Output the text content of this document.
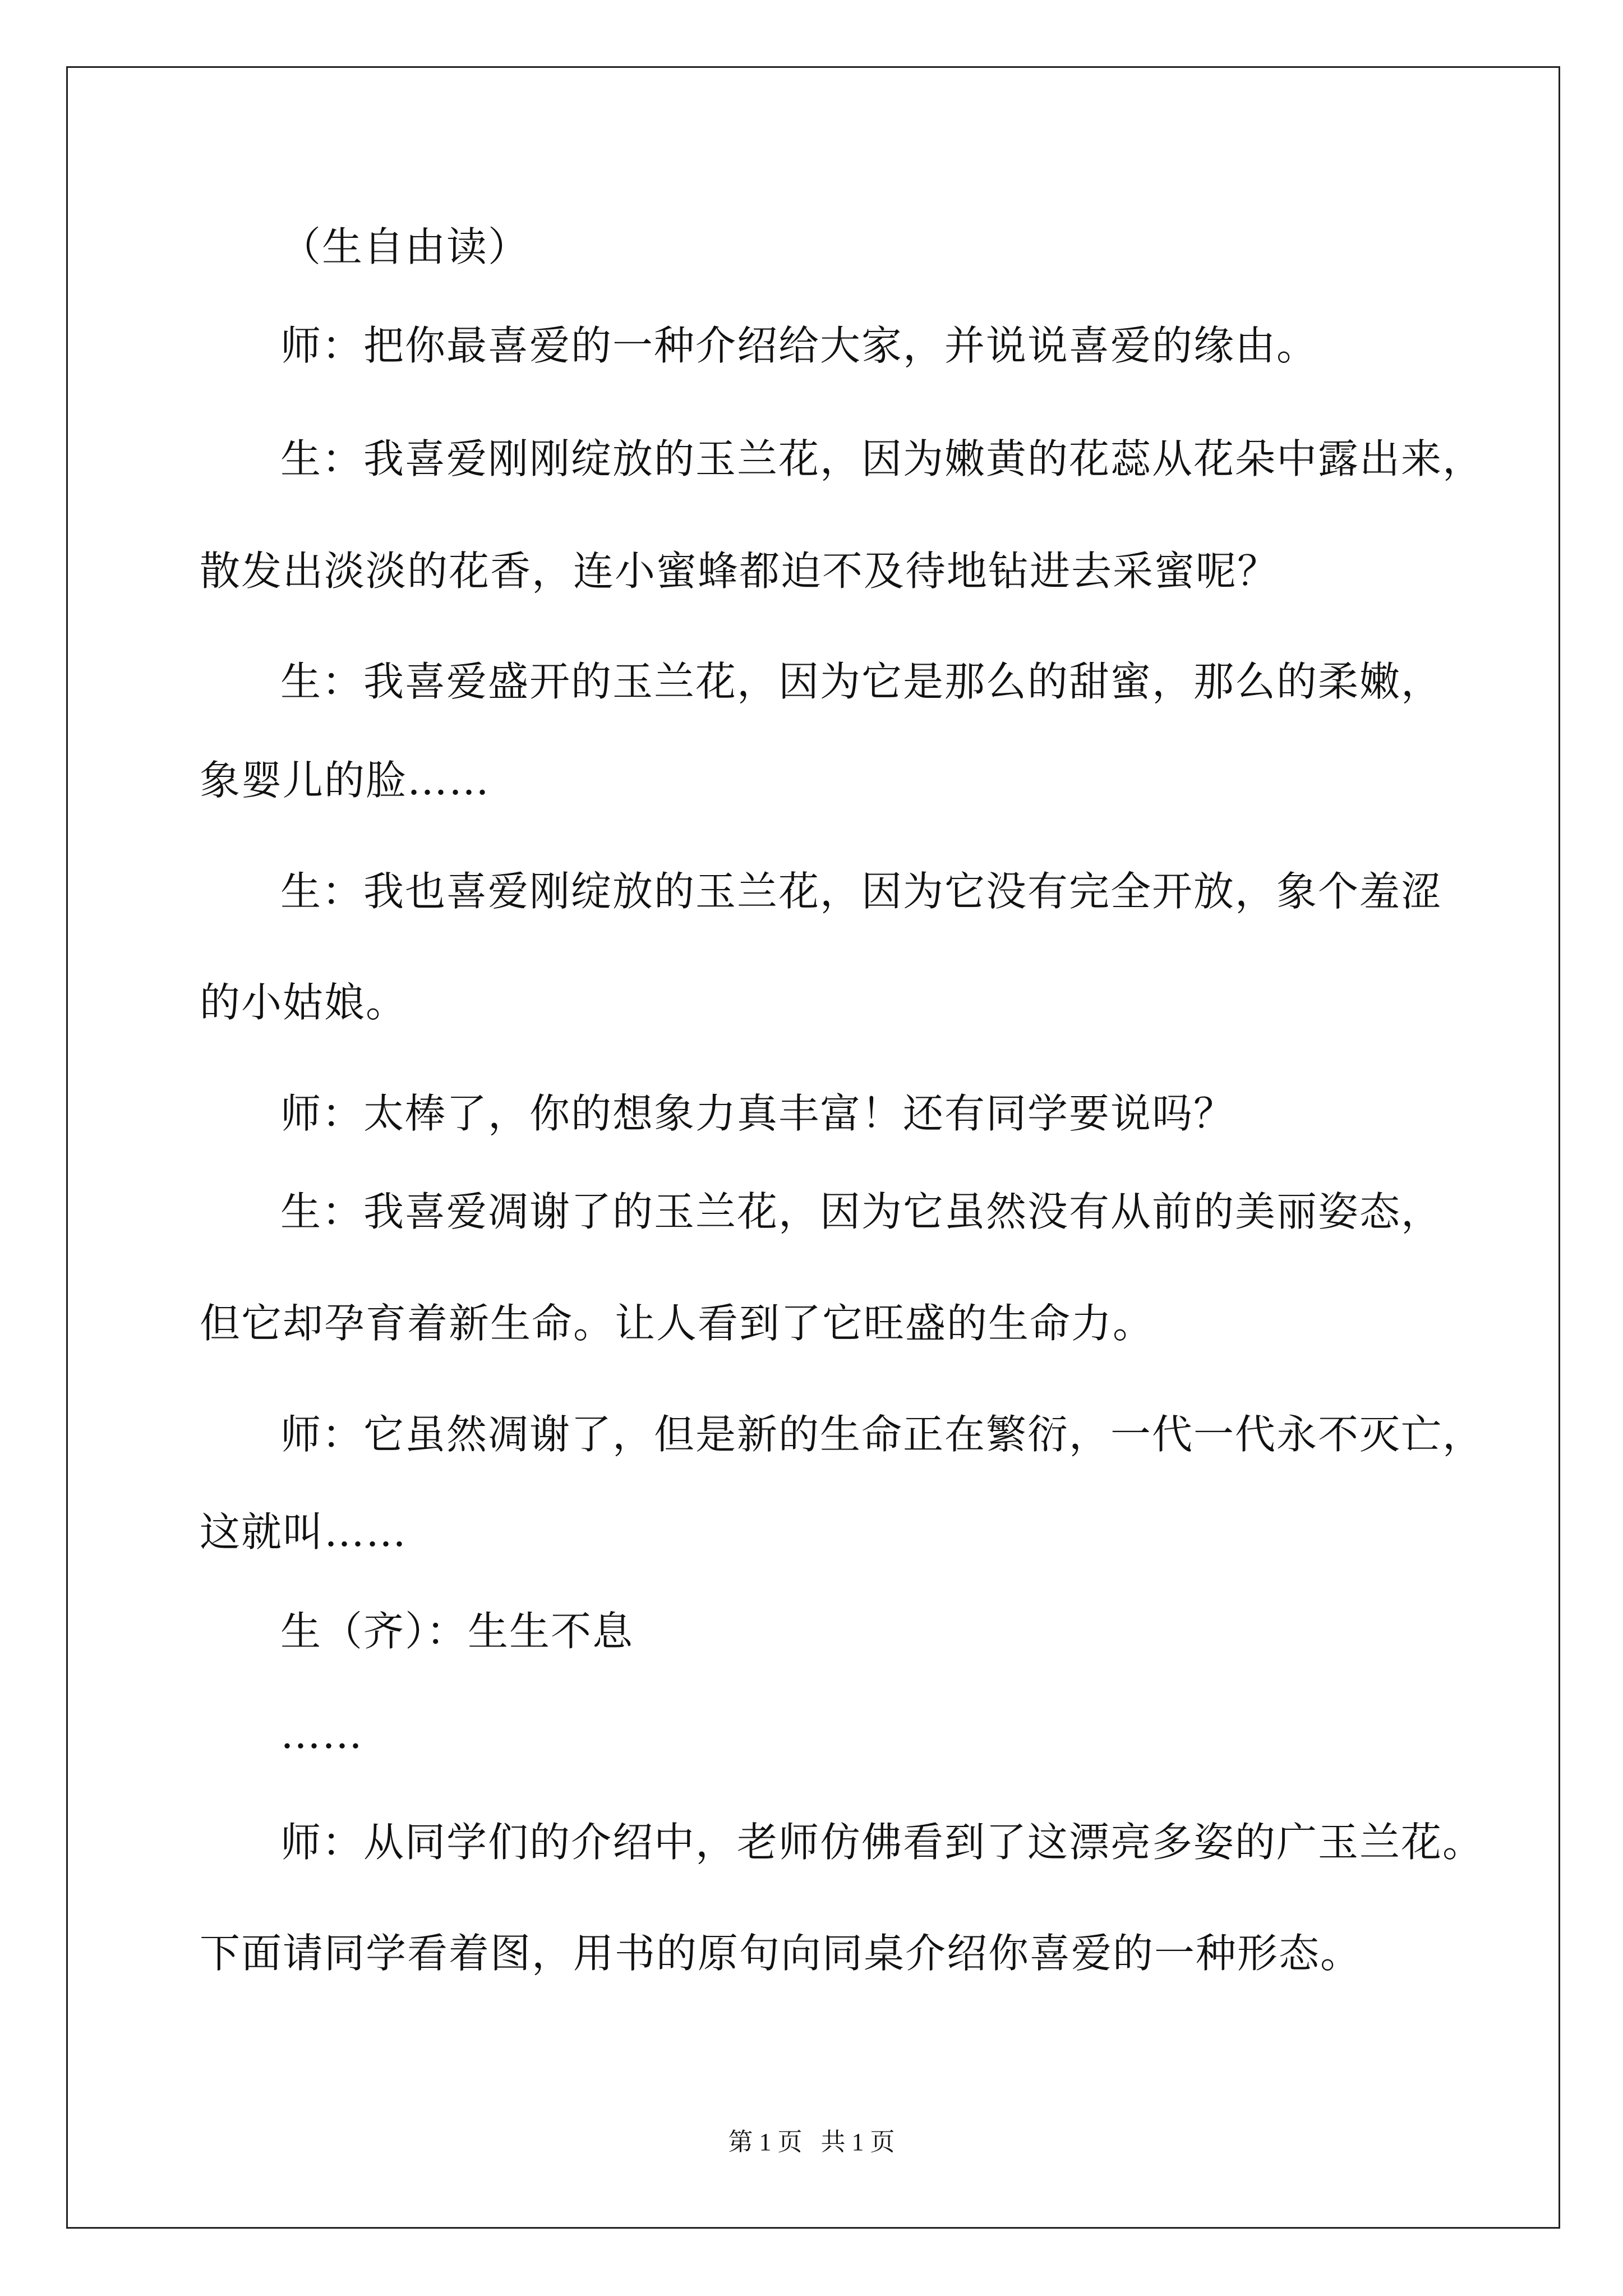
（生自由读）

师：把你最喜爱的一种介绍给大家，并说说喜爱的缘由。

生：我喜爱刚刚绽放的玉兰花，因为嫩黄的花蕊从花朵中露出来，

散发出淡淡的花香，连小蜜蜂都迫不及待地钻进去采蜜呢？

生：我喜爱盛开的玉兰花，因为它是那么的甜蜜，那么的柔嫩，

象婴儿的脸……

生：我也喜爱刚绽放的玉兰花，因为它没有完全开放，象个羞涩

的小姑娘。

师：太棒了，你的想象力真丰富！还有同学要说吗？

生：我喜爱凋谢了的玉兰花，因为它虽然没有从前的美丽姿态，

但它却孕育着新生命。让人看到了它旺盛的生命力。

师：它虽然凋谢了，但是新的生命正在繁衍，一代一代永不灭亡，

这就叫……

生（齐）：生生不息

……

师：从同学们的介绍中，老师仿佛看到了这漂亮多姿的广玉兰花。

下面请同学看着图，用书的原句向同桌介绍你喜爱的一种形态。

第 1 页   共 1 页
